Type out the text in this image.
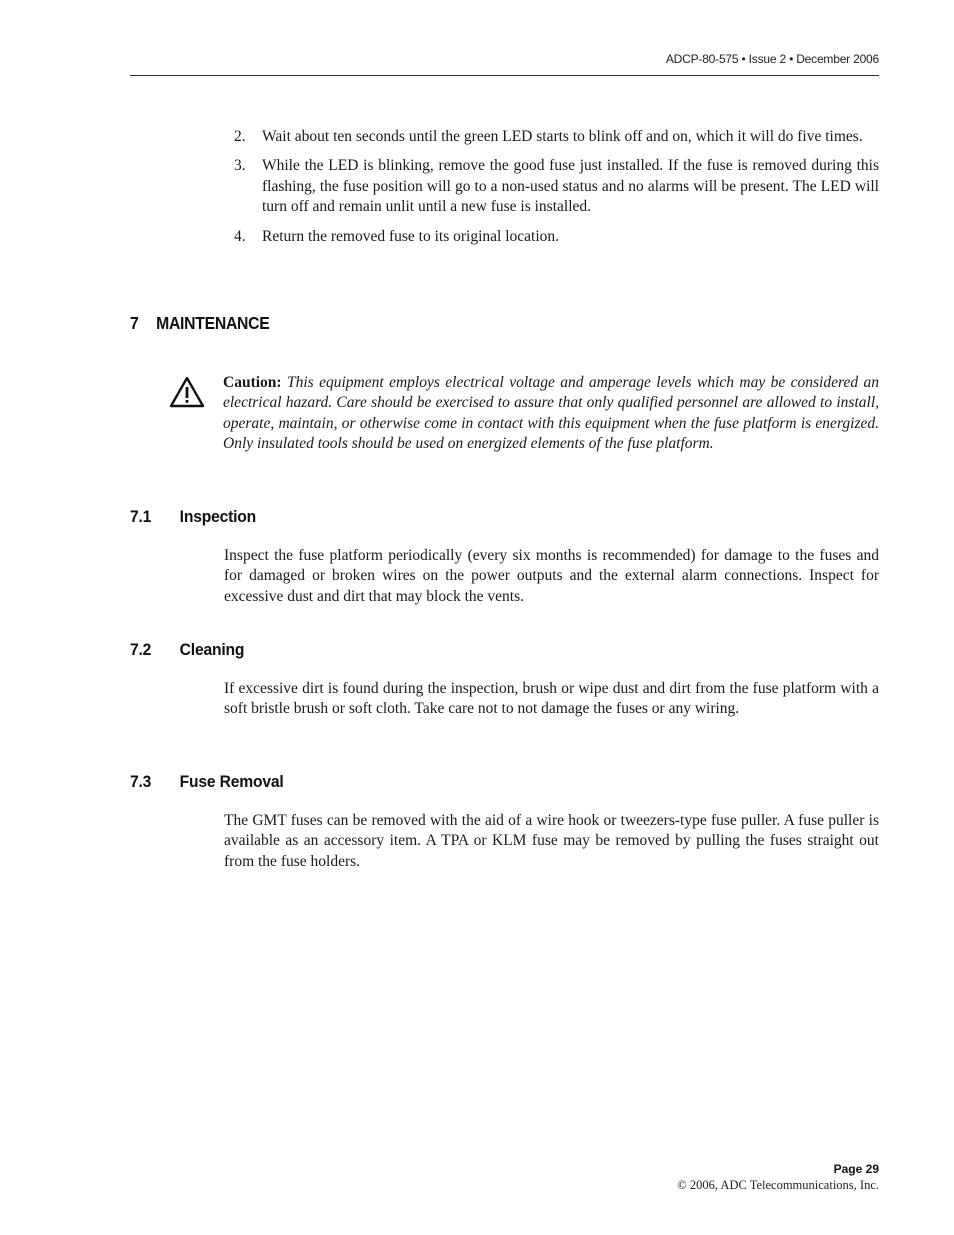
ADCP-80-575 • Issue 2 • December 2006
2. Wait about ten seconds until the green LED starts to blink off and on, which it will do five times.
3. While the LED is blinking, remove the good fuse just installed. If the fuse is removed during this flashing, the fuse position will go to a non-used status and no alarms will be present. The LED will turn off and remain unlit until a new fuse is installed.
4. Return the removed fuse to its original location.
7 MAINTENANCE
Caution: This equipment employs electrical voltage and amperage levels which may be considered an electrical hazard. Care should be exercised to assure that only qualified personnel are allowed to install, operate, maintain, or otherwise come in contact with this equipment when the fuse platform is energized. Only insulated tools should be used on energized elements of the fuse platform.
7.1 Inspection
Inspect the fuse platform periodically (every six months is recommended) for damage to the fuses and for damaged or broken wires on the power outputs and the external alarm connections. Inspect for excessive dust and dirt that may block the vents.
7.2 Cleaning
If excessive dirt is found during the inspection, brush or wipe dust and dirt from the fuse platform with a soft bristle brush or soft cloth. Take care not to not damage the fuses or any wiring.
7.3 Fuse Removal
The GMT fuses can be removed with the aid of a wire hook or tweezers-type fuse puller. A fuse puller is available as an accessory item. A TPA or KLM fuse may be removed by pulling the fuses straight out from the fuse holders.
Page 29
© 2006, ADC Telecommunications, Inc.
